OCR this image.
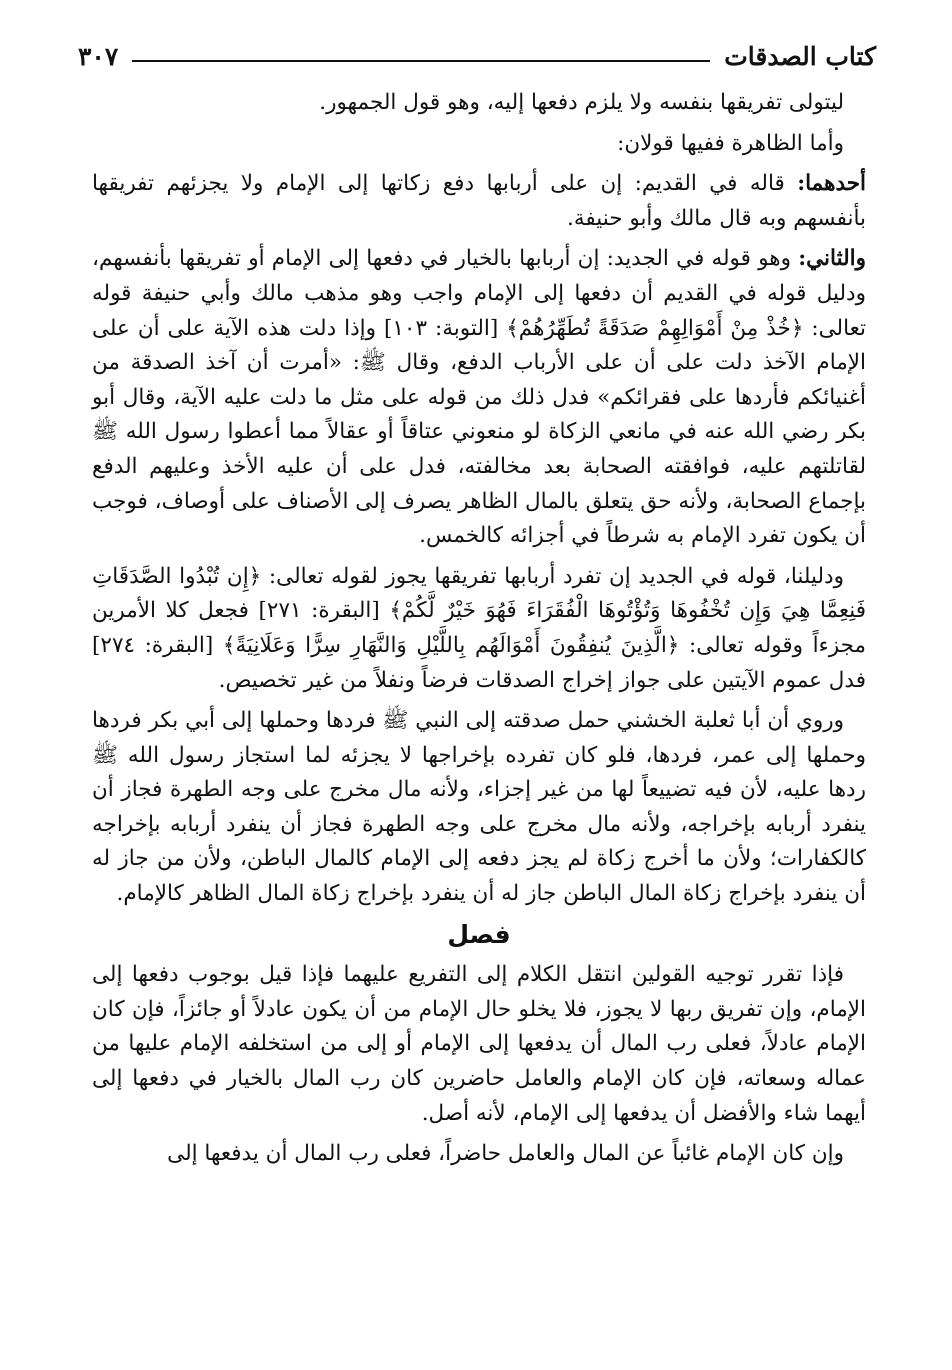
كتاب الصدقات
٣٠٧

ليتولى تفريقها بنفسه ولا يلزم دفعها إليه، وهو قول الجمهور.

وأما الظاهرة ففيها قولان:

أحدهما: قاله في القديم: إن على أربابها دفع زكاتها إلى الإمام ولا يجزئهم تفريقها بأنفسهم وبه قال مالك وأبو حنيفة.

والثاني: وهو قوله في الجديد: إن أربابها بالخيار في دفعها إلى الإمام أو تفريقها بأنفسهم، ودليل قوله في القديم أن دفعها إلى الإمام واجب وهو مذهب مالك وأبي حنيفة قوله تعالى: ﴿خُذْ مِنْ أَمْوَالِهِمْ صَدَقَةً تُطَهِّرُهُمْ﴾ [التوبة: ١٠٣] وإذا دلت هذه الآية على أن على الإمام الآخذ دلت على أن على الأرباب الدفع، وقال ﷺ: «أمرت أن آخذ الصدقة من أغنيائكم فأردها على فقرائكم» فدل ذلك من قوله على مثل ما دلت عليه الآية، وقال أبو بكر رضي الله عنه في مانعي الزكاة لو منعوني عتاقاً أو عقالاً مما أعطوا رسول الله ﷺ لقاتلتهم عليه، فوافقته الصحابة بعد مخالفته، فدل على أن عليه الأخذ وعليهم الدفع بإجماع الصحابة، ولأنه حق يتعلق بالمال الظاهر يصرف إلى الأصناف على أوصاف، فوجب أن يكون تفرد الإمام به شرطاً في أجزائه كالخمس.

ودليلنا، قوله في الجديد إن تفرد أربابها تفريقها يجوز لقوله تعالى: ﴿إِن تُبْدُوا الصَّدَقَاتِ فَنِعِمَّا هِيَ وَإِن تُخْفُوهَا وَتُؤْتُوهَا الْفُقَرَاءَ فَهُوَ خَيْرٌ لَّكُمْ﴾ [البقرة: ٢٧١] فجعل كلا الأمرين مجزءاً وقوله تعالى: ﴿الَّذِينَ يُنفِقُونَ أَمْوَالَهُم بِاللَّيْلِ وَالنَّهَارِ سِرًّا وَعَلَانِيَةً﴾ [البقرة: ٢٧٤] فدل عموم الآيتين على جواز إخراج الصدقات فرضاً ونفلاً من غير تخصيص.

وروي أن أبا ثعلبة الخشني حمل صدقته إلى النبي ﷺ فردها وحملها إلى أبي بكر فردها وحملها إلى عمر، فردها، فلو كان تفرده بإخراجها لا يجزئه لما استجاز رسول الله ﷺ ردها عليه، لأن فيه تضييعاً لها من غير إجزاء، ولأنه مال مخرج على وجه الطهرة فجاز أن ينفرد أربابه بإخراجه، ولأنه مال مخرج على وجه الطهرة فجاز أن ينفرد أربابه بإخراجه كالكفارات؛ ولأن ما أخرج زكاة لم يجز دفعه إلى الإمام كالمال الباطن، ولأن من جاز له أن ينفرد بإخراج زكاة المال الباطن جاز له أن ينفرد بإخراج زكاة المال الظاهر كالإمام.

فصل

فإذا تقرر توجيه القولين انتقل الكلام إلى التفريع عليهما فإذا قيل بوجوب دفعها إلى الإمام، وإن تفريق ربها لا يجوز، فلا يخلو حال الإمام من أن يكون عادلاً أو جائزاً، فإن كان الإمام عادلاً، فعلى رب المال أن يدفعها إلى الإمام أو إلى من استخلفه الإمام عليها من عماله وسعاته، فإن كان الإمام والعامل حاضرين كان رب المال بالخيار في دفعها إلى أيهما شاء والأفضل أن يدفعها إلى الإمام، لأنه أصل.

وإن كان الإمام غائباً عن المال والعامل حاضراً، فعلى رب المال أن يدفعها إلى
